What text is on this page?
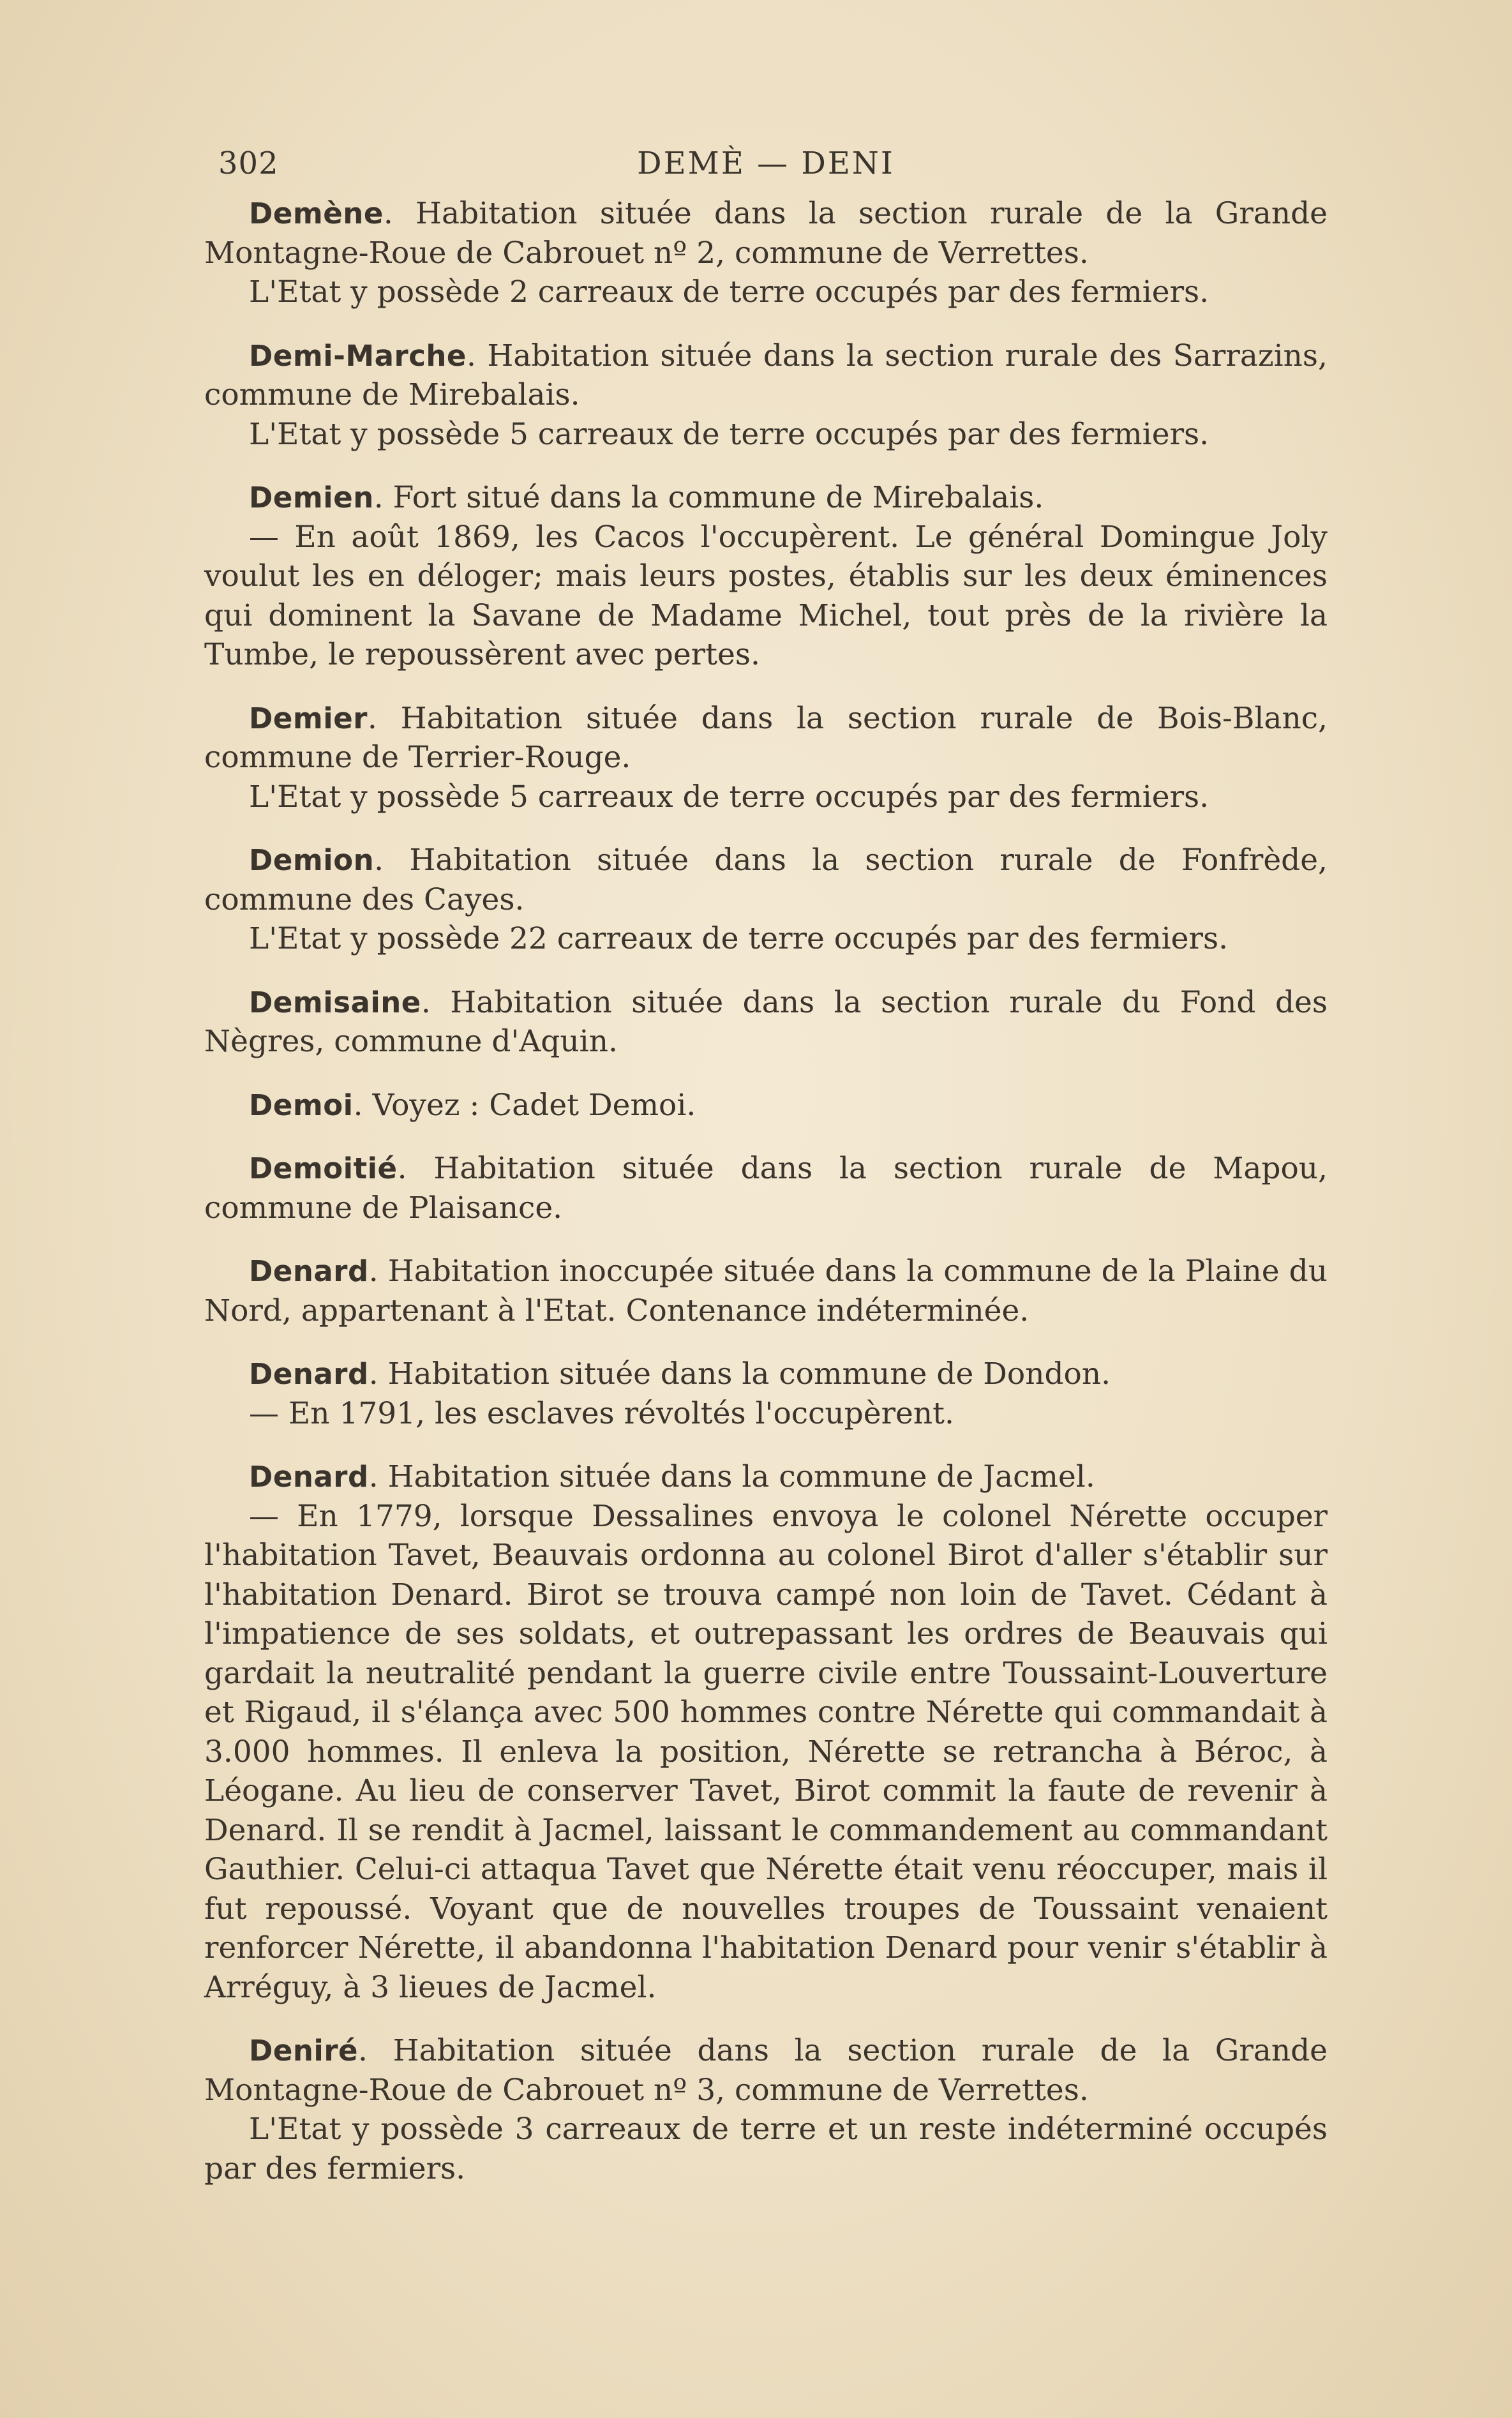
302	DEMÈ — DENI

Demène. Habitation située dans la section rurale de la Grande Montagne-Roue de Cabrouet nº 2, commune de Verrettes.

L'Etat y possède 2 carreaux de terre occupés par des fermiers.

Demi-Marche. Habitation située dans la section rurale des Sarrazins, commune de Mirebalais.

L'Etat y possède 5 carreaux de terre occupés par des fermiers.

Demien. Fort situé dans la commune de Mirebalais.

— En août 1869, les Cacos l'occupèrent. Le général Domingue Joly voulut les en déloger; mais leurs postes, établis sur les deux éminences qui dominent la Savane de Madame Michel, tout près de la rivière la Tumbe, le repoussèrent avec pertes.

Demier. Habitation située dans la section rurale de Bois-Blanc, commune de Terrier-Rouge.

L'Etat y possède 5 carreaux de terre occupés par des fermiers.

Demion. Habitation située dans la section rurale de Fonfrède, commune des Cayes.

L'Etat y possède 22 carreaux de terre occupés par des fermiers.

Demisaine. Habitation située dans la section rurale du Fond des Nègres, commune d'Aquin.

Demoi. Voyez : Cadet Demoi.

Demoitié. Habitation située dans la section rurale de Mapou, commune de Plaisance.

Denard. Habitation inoccupée située dans la commune de la Plaine du Nord, appartenant à l'Etat. Contenance indéterminée.

Denard. Habitation située dans la commune de Dondon.

— En 1791, les esclaves révoltés l'occupèrent.

Denard. Habitation située dans la commune de Jacmel.

— En 1779, lorsque Dessalines envoya le colonel Nérette occuper l'habitation Tavet, Beauvais ordonna au colonel Birot d'aller s'établir sur l'habitation Denard. Birot se trouva campé non loin de Tavet. Cédant à l'impatience de ses soldats, et outrepassant les ordres de Beauvais qui gardait la neutralité pendant la guerre civile entre Toussaint-Louverture et Rigaud, il s'élança avec 500 hommes contre Nérette qui commandait à 3.000 hommes. Il enleva la position, Nérette se retrancha à Béroc, à Léogane. Au lieu de conserver Tavet, Birot commit la faute de revenir à Denard. Il se rendit à Jacmel, laissant le commandement au commandant Gauthier. Celui-ci attaqua Tavet que Nérette était venu réoccuper, mais il fut repoussé. Voyant que de nouvelles troupes de Toussaint venaient renforcer Nérette, il abandonna l'habitation Denard pour venir s'établir à Arréguy, à 3 lieues de Jacmel.

Deniré. Habitation située dans la section rurale de la Grande Montagne-Roue de Cabrouet nº 3, commune de Verrettes.

L'Etat y possède 3 carreaux de terre et un reste indéterminé occupés par des fermiers.
